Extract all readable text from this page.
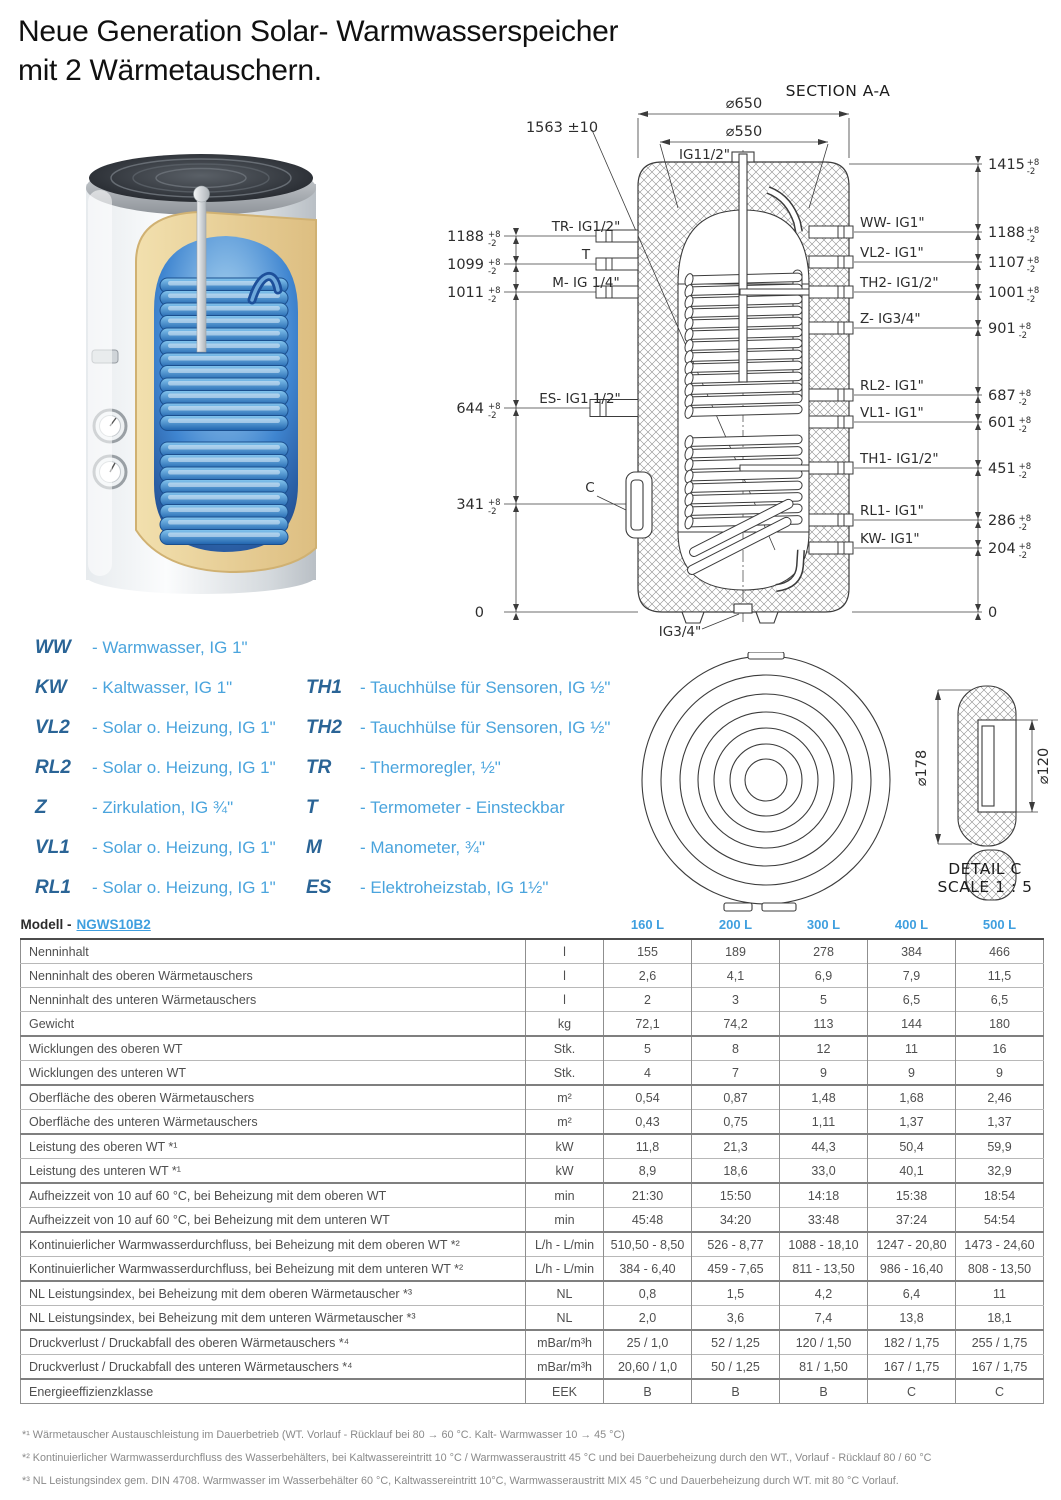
Neue Generation Solar- Warmwasserspeicher
mit 2 Wärmetauschern.
SECTION A-A
1563 ±10
⌀650
⌀550
IG11/2"
IG3/4"
0	0
TR- IG1/2"
1188 +8
-2
T
1099 +8
-2
M- IG 1/4"
1011 +8
-2
ES- IG1 1/2"
644 +8
-2
C
341 +8
-2
1415 +8
-2
WW- IG1"
1188 +8
-2
VL2- IG1"
1107 +8
-2
TH2- IG1/2"
1001 +8
-2
Z- IG3/4"
901 +8
-2
RL2- IG1"
687 +8
-2
VL1- IG1"
601 +8
-2
TH1- IG1/2"
451 +8
-2
RL1- IG1"
286 +8
-2
KW- IG1"
204 +8
-2
⌀178	⌀120
DETAIL C
SCALE 1 : 5
WW	- Warmwasser, IG 1"
KW	- Kaltwasser, IG 1"
VL2	- Solar o. Heizung, IG 1"
RL2	- Solar o. Heizung, IG 1"
Z	- Zirkulation, IG ¾"
VL1	- Solar o. Heizung, IG 1"
RL1	- Solar o. Heizung, IG 1"
TH1	- Tauchhülse für Sensoren, IG ½"
TH2	- Tauchhülse für Sensoren, IG ½"
TR	- Thermoregler, ½"
T	- Termometer - Einsteckbar
M	- Manometer, ¾"
ES	- Elektroheizstab, IG 1½"
Modell - NGWS10B2		160 L	200 L	300 L	400 L	500 L
Nenninhalt	l	155	189	278	384	466
Nenninhalt des oberen Wärmetauschers	l	2,6	4,1	6,9	7,9	11,5
Nenninhalt des unteren Wärmetauschers	l	2	3	5	6,5	6,5
Gewicht	kg	72,1	74,2	113	144	180
Wicklungen des oberen WT	Stk.	5	8	12	11	16
Wicklungen des unteren WT	Stk.	4	7	9	9	9
Oberfläche des oberen Wärmetauschers	m²	0,54	0,87	1,48	1,68	2,46
Oberfläche des unteren Wärmetauschers	m²	0,43	0,75	1,11	1,37	1,37
Leistung des oberen WT *¹	kW	11,8	21,3	44,3	50,4	59,9
Leistung des unteren WT *¹	kW	8,9	18,6	33,0	40,1	32,9
Aufheizzeit von 10 auf 60 °C, bei Beheizung mit dem oberen WT	min	21:30	15:50	14:18	15:38	18:54
Aufheizzeit von 10 auf 60 °C, bei Beheizung mit dem unteren WT	min	45:48	34:20	33:48	37:24	54:54
Kontinuierlicher Warmwasserdurchfluss, bei Beheizung mit dem oberen WT *²	L/h - L/min	510,50 - 8,50	526 - 8,77	1088 - 18,10	1247 - 20,80	1473 - 24,60
Kontinuierlicher Warmwasserdurchfluss, bei Beheizung mit dem unteren WT *²	L/h - L/min	384 - 6,40	459 - 7,65	811 - 13,50	986 - 16,40	808 - 13,50
NL Leistungsindex, bei Beheizung mit dem oberen Wärmetauscher *³	NL	0,8	1,5	4,2	6,4	11
NL Leistungsindex, bei Beheizung mit dem unteren Wärmetauscher *³	NL	2,0	3,6	7,4	13,8	18,1
Druckverlust / Druckabfall des oberen Wärmetauschers *⁴	mBar/m³h	25 / 1,0	52 / 1,25	120 / 1,50	182 / 1,75	255 / 1,75
Druckverlust / Druckabfall des unteren Wärmetauschers *⁴	mBar/m³h	20,60 / 1,0	50 / 1,25	81 / 1,50	167 / 1,75	167 / 1,75
Energieeffizienzklasse	EEK	B	B	B	C	C
*¹ Wärmetauscher Austauschleistung im Dauerbetrieb (WT. Vorlauf - Rücklauf bei 80 → 60 °C. Kalt- Warmwasser 10 → 45 °C)
*² Kontinuierlicher Warmwasserdurchfluss des Wasserbehälters, bei Kaltwassereintritt 10 °C / Warmwasseraustritt 45 °C und bei Dauerbeheizung durch den WT., Vorlauf - Rücklauf 80 / 60 °C
*³ NL Leistungsindex gem. DIN 4708. Warmwasser im Wasserbehälter 60 °C, Kaltwassereintritt 10°C, Warmwasseraustritt MIX 45 °C und Dauerbeheizung durch WT. mit 80 °C Vorlauf.
